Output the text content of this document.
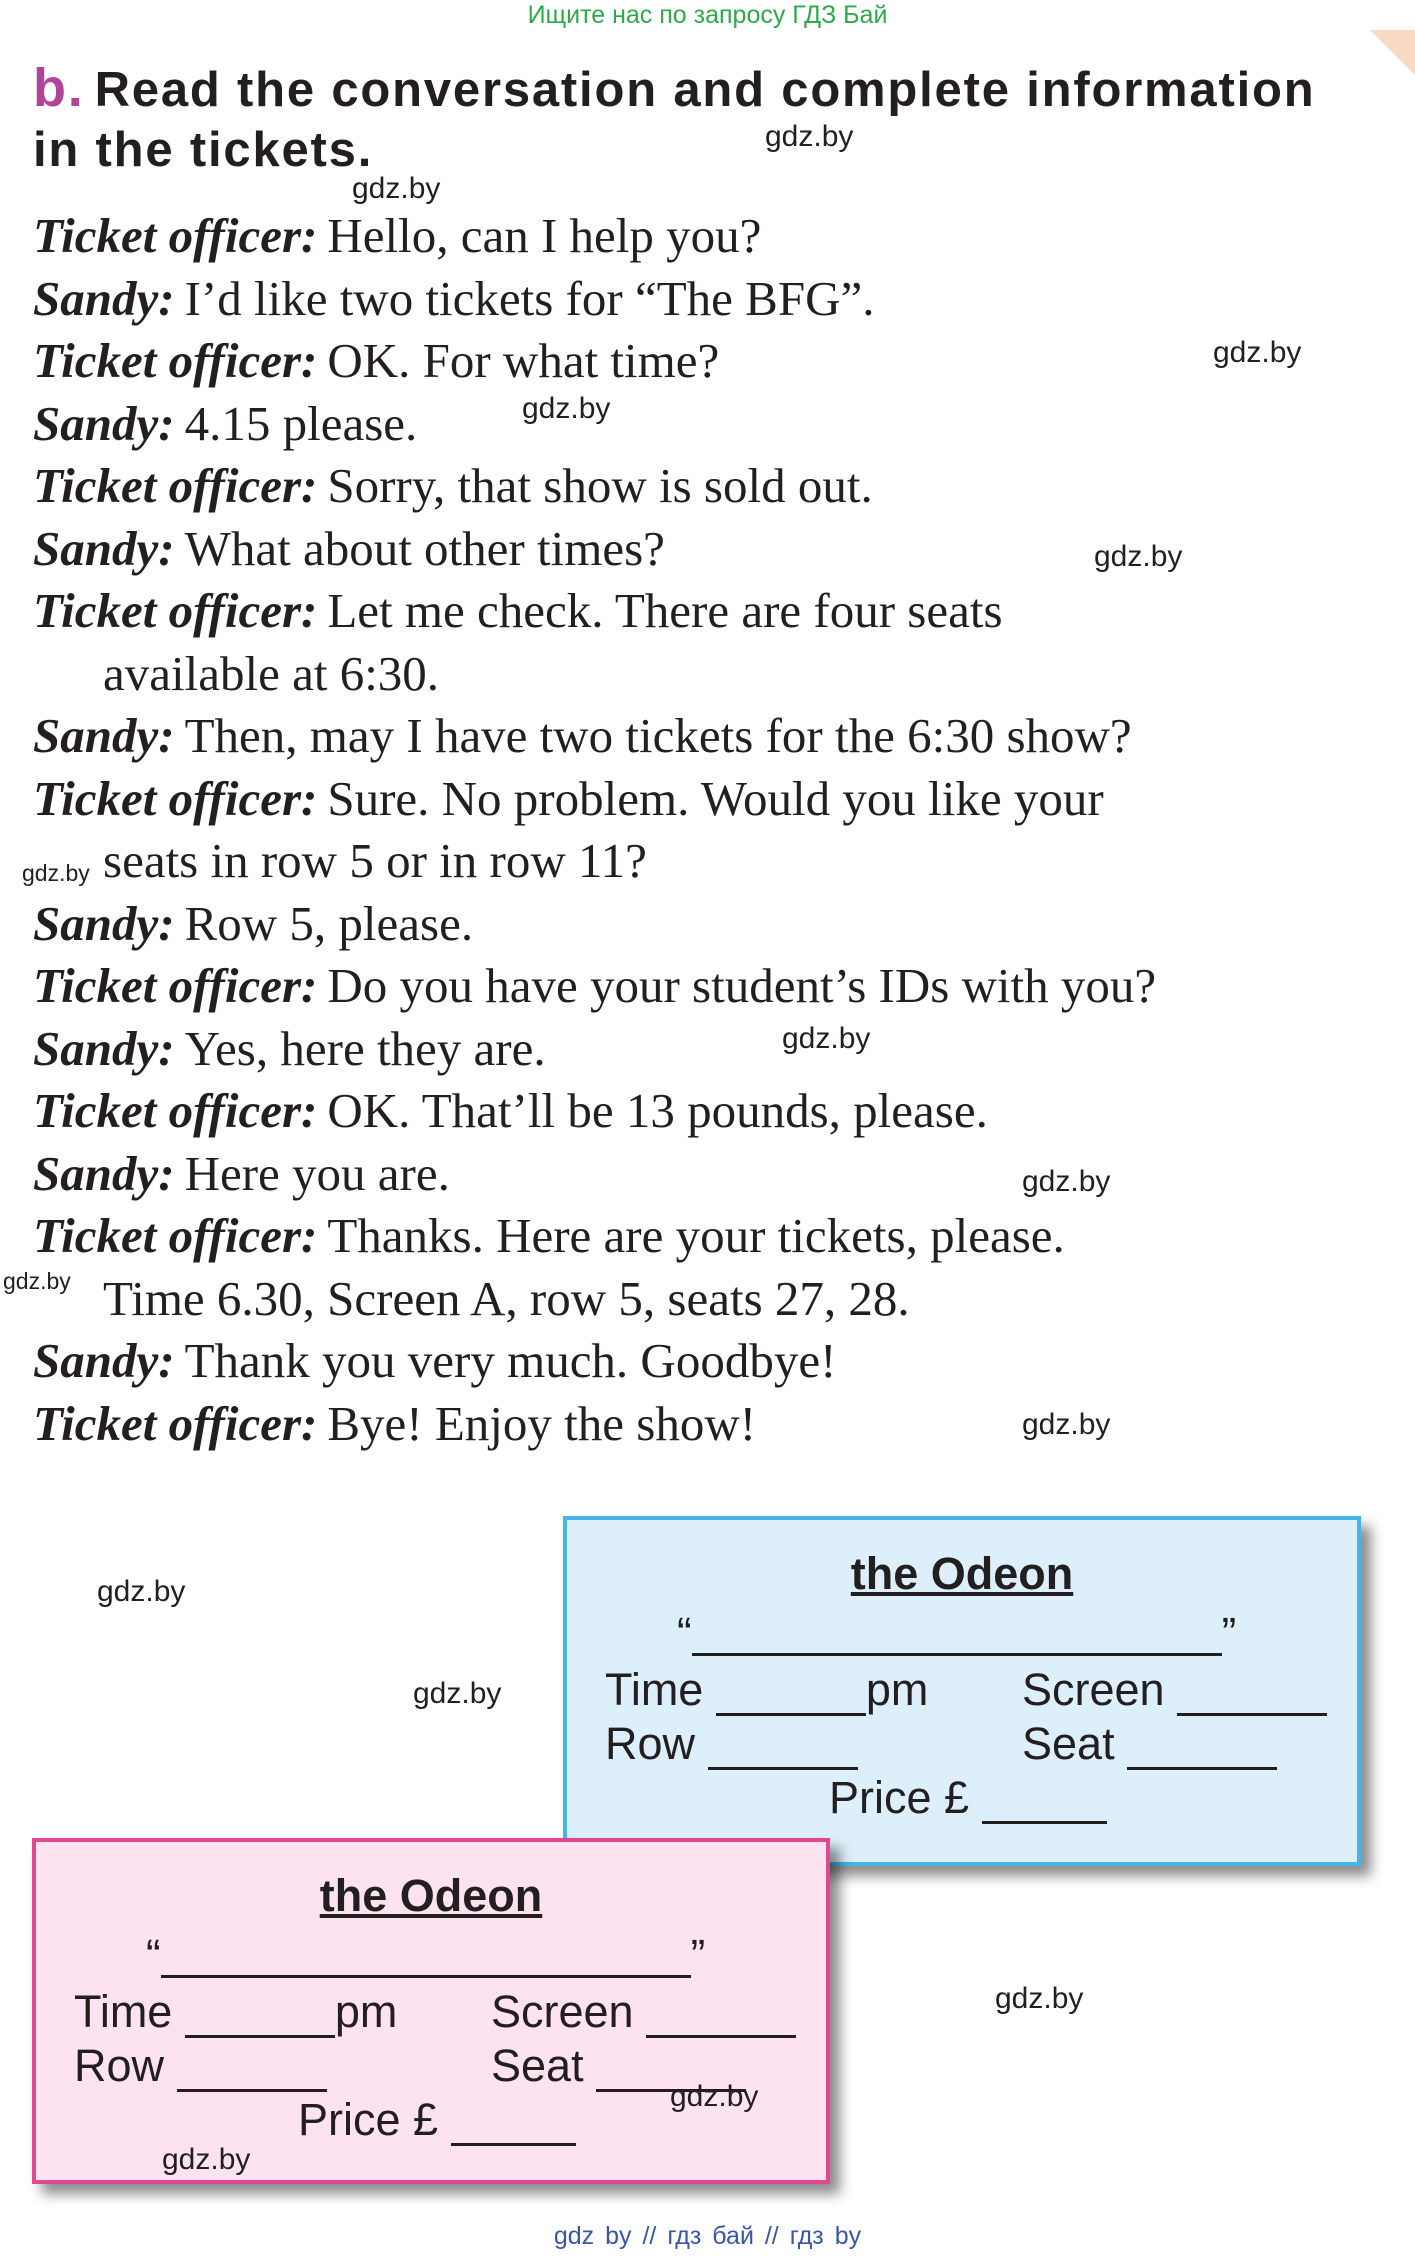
Ищите нас по запросу ГДЗ Бай
b. Read the conversation and complete information in the tickets.

Ticket officer: Hello, can I help you?

Sandy: I’d like two tickets for “The BFG”.

Ticket officer: OK. For what time?

Sandy: 4.15 please.

Ticket officer: Sorry, that show is sold out.

Sandy: What about other times?

Ticket officer: Let me check. There are four seats

available at 6:30.

Sandy: Then, may I have two tickets for the 6:30 show?

Ticket officer: Sure. No problem. Would you like your

seats in row 5 or in row 11?

Sandy: Row 5, please.

Ticket officer: Do you have your student’s IDs with you?

Sandy: Yes, here they are.

Ticket officer: OK. That’ll be 13 pounds, please.

Sandy: Here you are.

Ticket officer: Thanks. Here are your tickets, please.

Time 6.30, Screen A, row 5, seats 27, 28.

Sandy: Thank you very much. Goodbye!

Ticket officer: Bye! Enjoy the show!

the Odeon
“	”
Time	pm Screen
Row	Seat
Price £
the Odeon
“	”
Time	pm Screen
Row	Seat
Price £
gdz.by
gdz.by
gdz.by
gdz.by
gdz.by
gdz.by
gdz.by
gdz.by
gdz.by
gdz.by
gdz.by
gdz.by
gdz.by
gdz.by
gdz.by
gdz by // гдз бай // гдз by
